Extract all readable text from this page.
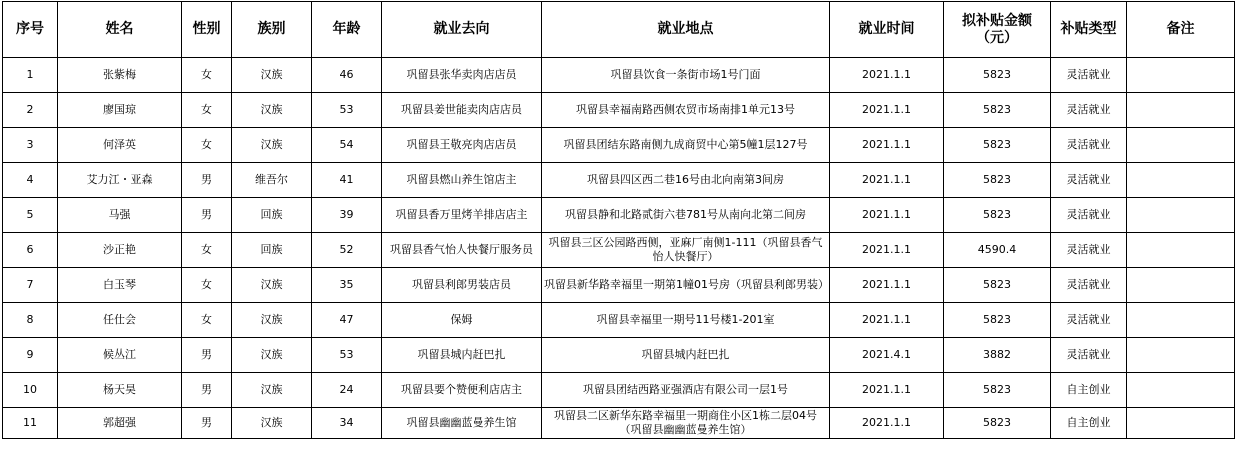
序号	姓名	性别	族别	年龄	就业去向	就业地点	就业时间	拟补贴金额（元）	补贴类型	备注
1	张紫梅	女	汉族	46	巩留县张华卖肉店店员	巩留县饮食一条街市场1号门面	2021.1.1	5823	灵活就业	
2	廖国琼	女	汉族	53	巩留县姜世能卖肉店店员	巩留县幸福南路西侧农贸市场南排1单元13号	2021.1.1	5823	灵活就业	
3	何泽英	女	汉族	54	巩留县王敬亮肉店店员	巩留县团结东路南侧九成商贸中心第5幢1层127号	2021.1.1	5823	灵活就业	
4	艾力江・亚森	男	维吾尔	41	巩留县燃山养生馆店主	巩留县四区西二巷16号由北向南第3间房	2021.1.1	5823	灵活就业	
5	马强	男	回族	39	巩留县香万里烤羊排店店主	巩留县静和北路贰街六巷781号从南向北第二间房	2021.1.1	5823	灵活就业	
6	沙正艳	女	回族	52	巩留县香气怡人快餐厅服务员	巩留县三区公园路西侧，亚麻厂南侧1-111（巩留县香气怡人快餐厅）	2021.1.1	4590.4	灵活就业	
7	白玉琴	女	汉族	35	巩留县利郎男装店员	巩留县新华路幸福里一期第1幢01号房（巩留县利郎男装）	2021.1.1	5823	灵活就业	
8	任仕会	女	汉族	47	保姆	巩留县幸福里一期号11号楼1-201室	2021.1.1	5823	灵活就业	
9	候丛江	男	汉族	53	巩留县城内赶巴扎	巩留县城内赶巴扎	2021.4.1	3882	灵活就业	
10	杨天昊	男	汉族	24	巩留县要个赞便利店店主	巩留县团结西路亚强酒店有限公司一层1号	2021.1.1	5823	自主创业	
11	郭超强	男	汉族	34	巩留县幽幽蓝曼养生馆	巩留县二区新华东路幸福里一期商住小区1栋二层04号（巩留县幽幽蓝曼养生馆）	2021.1.1	5823	自主创业	
